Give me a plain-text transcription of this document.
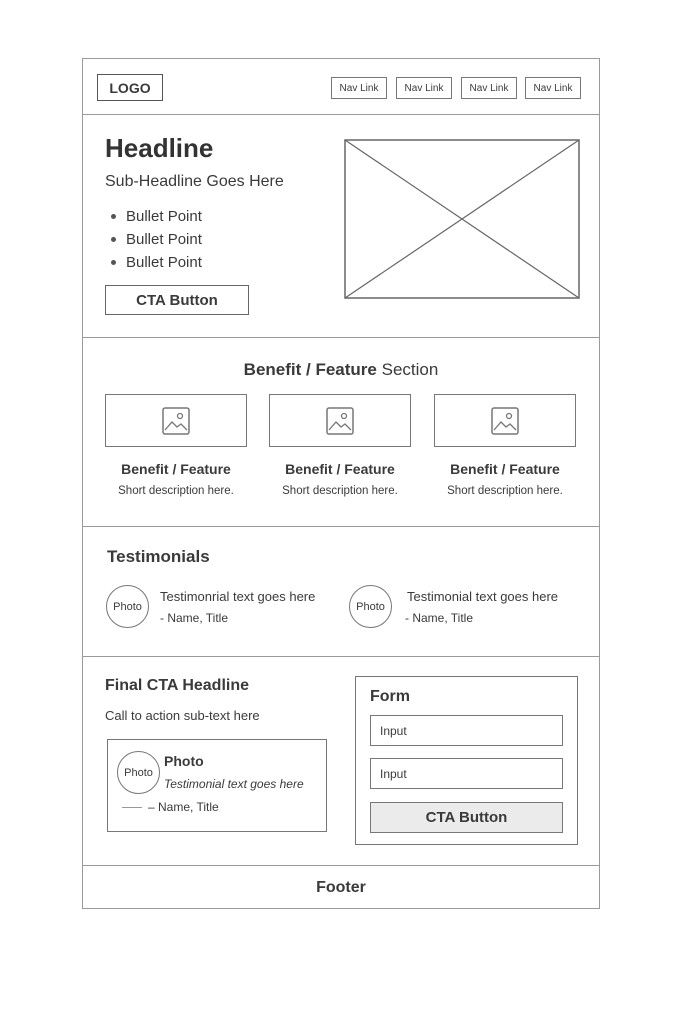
LOGO	Nav Link	Nav Link	Nav Link	Nav Link
Headline
Sub-Headline Goes Here
Bullet Point
Bullet Point
Bullet Point
CTA Button
Benefit / Feature Section
Benefit / Feature
Short description here.
Benefit / Feature
Short description here.
Benefit / Feature
Short description here.
Testimonials
Photo
Testimonrial text goes here
- Name, Title
Photo
Testimonial text goes here
- Name, Title
Final CTA Headline
Call to action sub-text here
Photo
Photo
Testimonial text goes here
– Name, Title
Form
Input
Input
CTA Button
Footer
